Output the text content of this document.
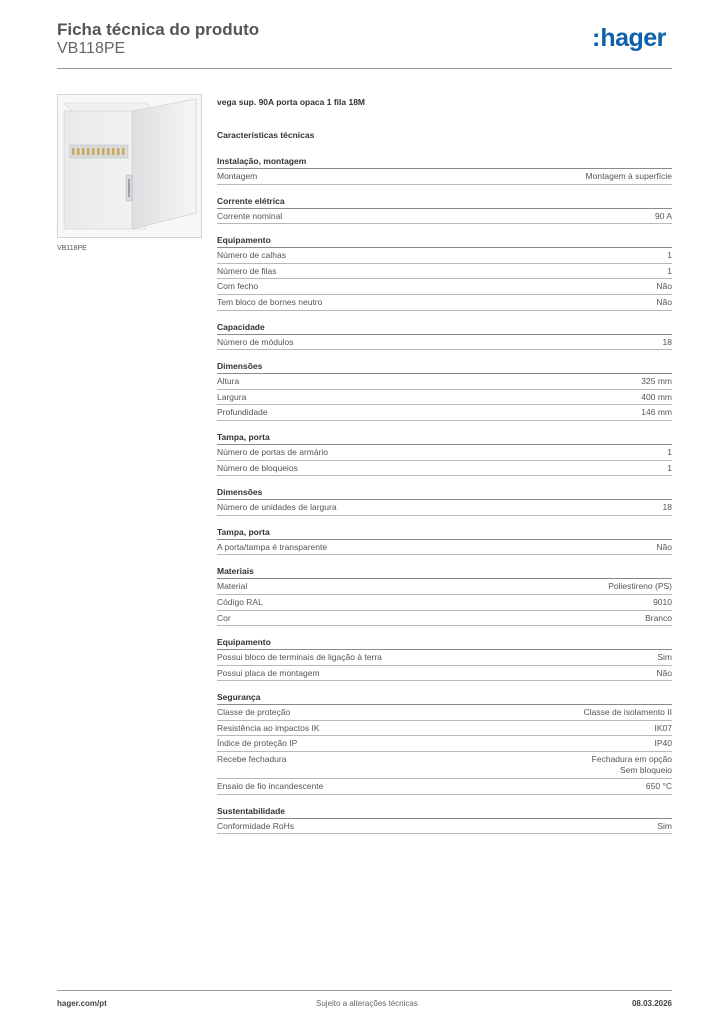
Ficha técnica do produto
VB118PE	:hager
VB118PE
vega sup. 90A porta opaca 1 fila 18M
Características técnicas
Instalação, montagem
Montagem	Montagem à superfície
Corrente elétrica
Corrente nominal	90 A
Equipamento
Número de calhas	1
Número de filas	1
Com fecho	Não
Tem bloco de bornes neutro	Não
Capacidade
Número de módulos	18
Dimensões
Altura	325 mm
Largura	400 mm
Profundidade	146 mm
Tampa, porta
Número de portas de armário	1
Número de bloqueios	1
Dimensões
Número de unidades de largura	18
Tampa, porta
A porta/tampa é transparente	Não
Materiais
Material	Poliestireno (PS)
Código RAL	9010
Cor	Branco
Equipamento
Possui bloco de terminais de ligação à terra	Sim
Possui placa de montagem	Não
Segurança
Classe de proteção	Classe de isolamento II
Resistência ao impactos IK	IK07
Índice de proteção IP	IP40
Recebe fechadura	Fechadura em opção
Sem bloqueio
Ensaio de fio incandescente	650 °C
Sustentabilidade
Conformidade RoHs	Sim
hager.com/pt	Sujeito a alterações técnicas	08.03.2026
